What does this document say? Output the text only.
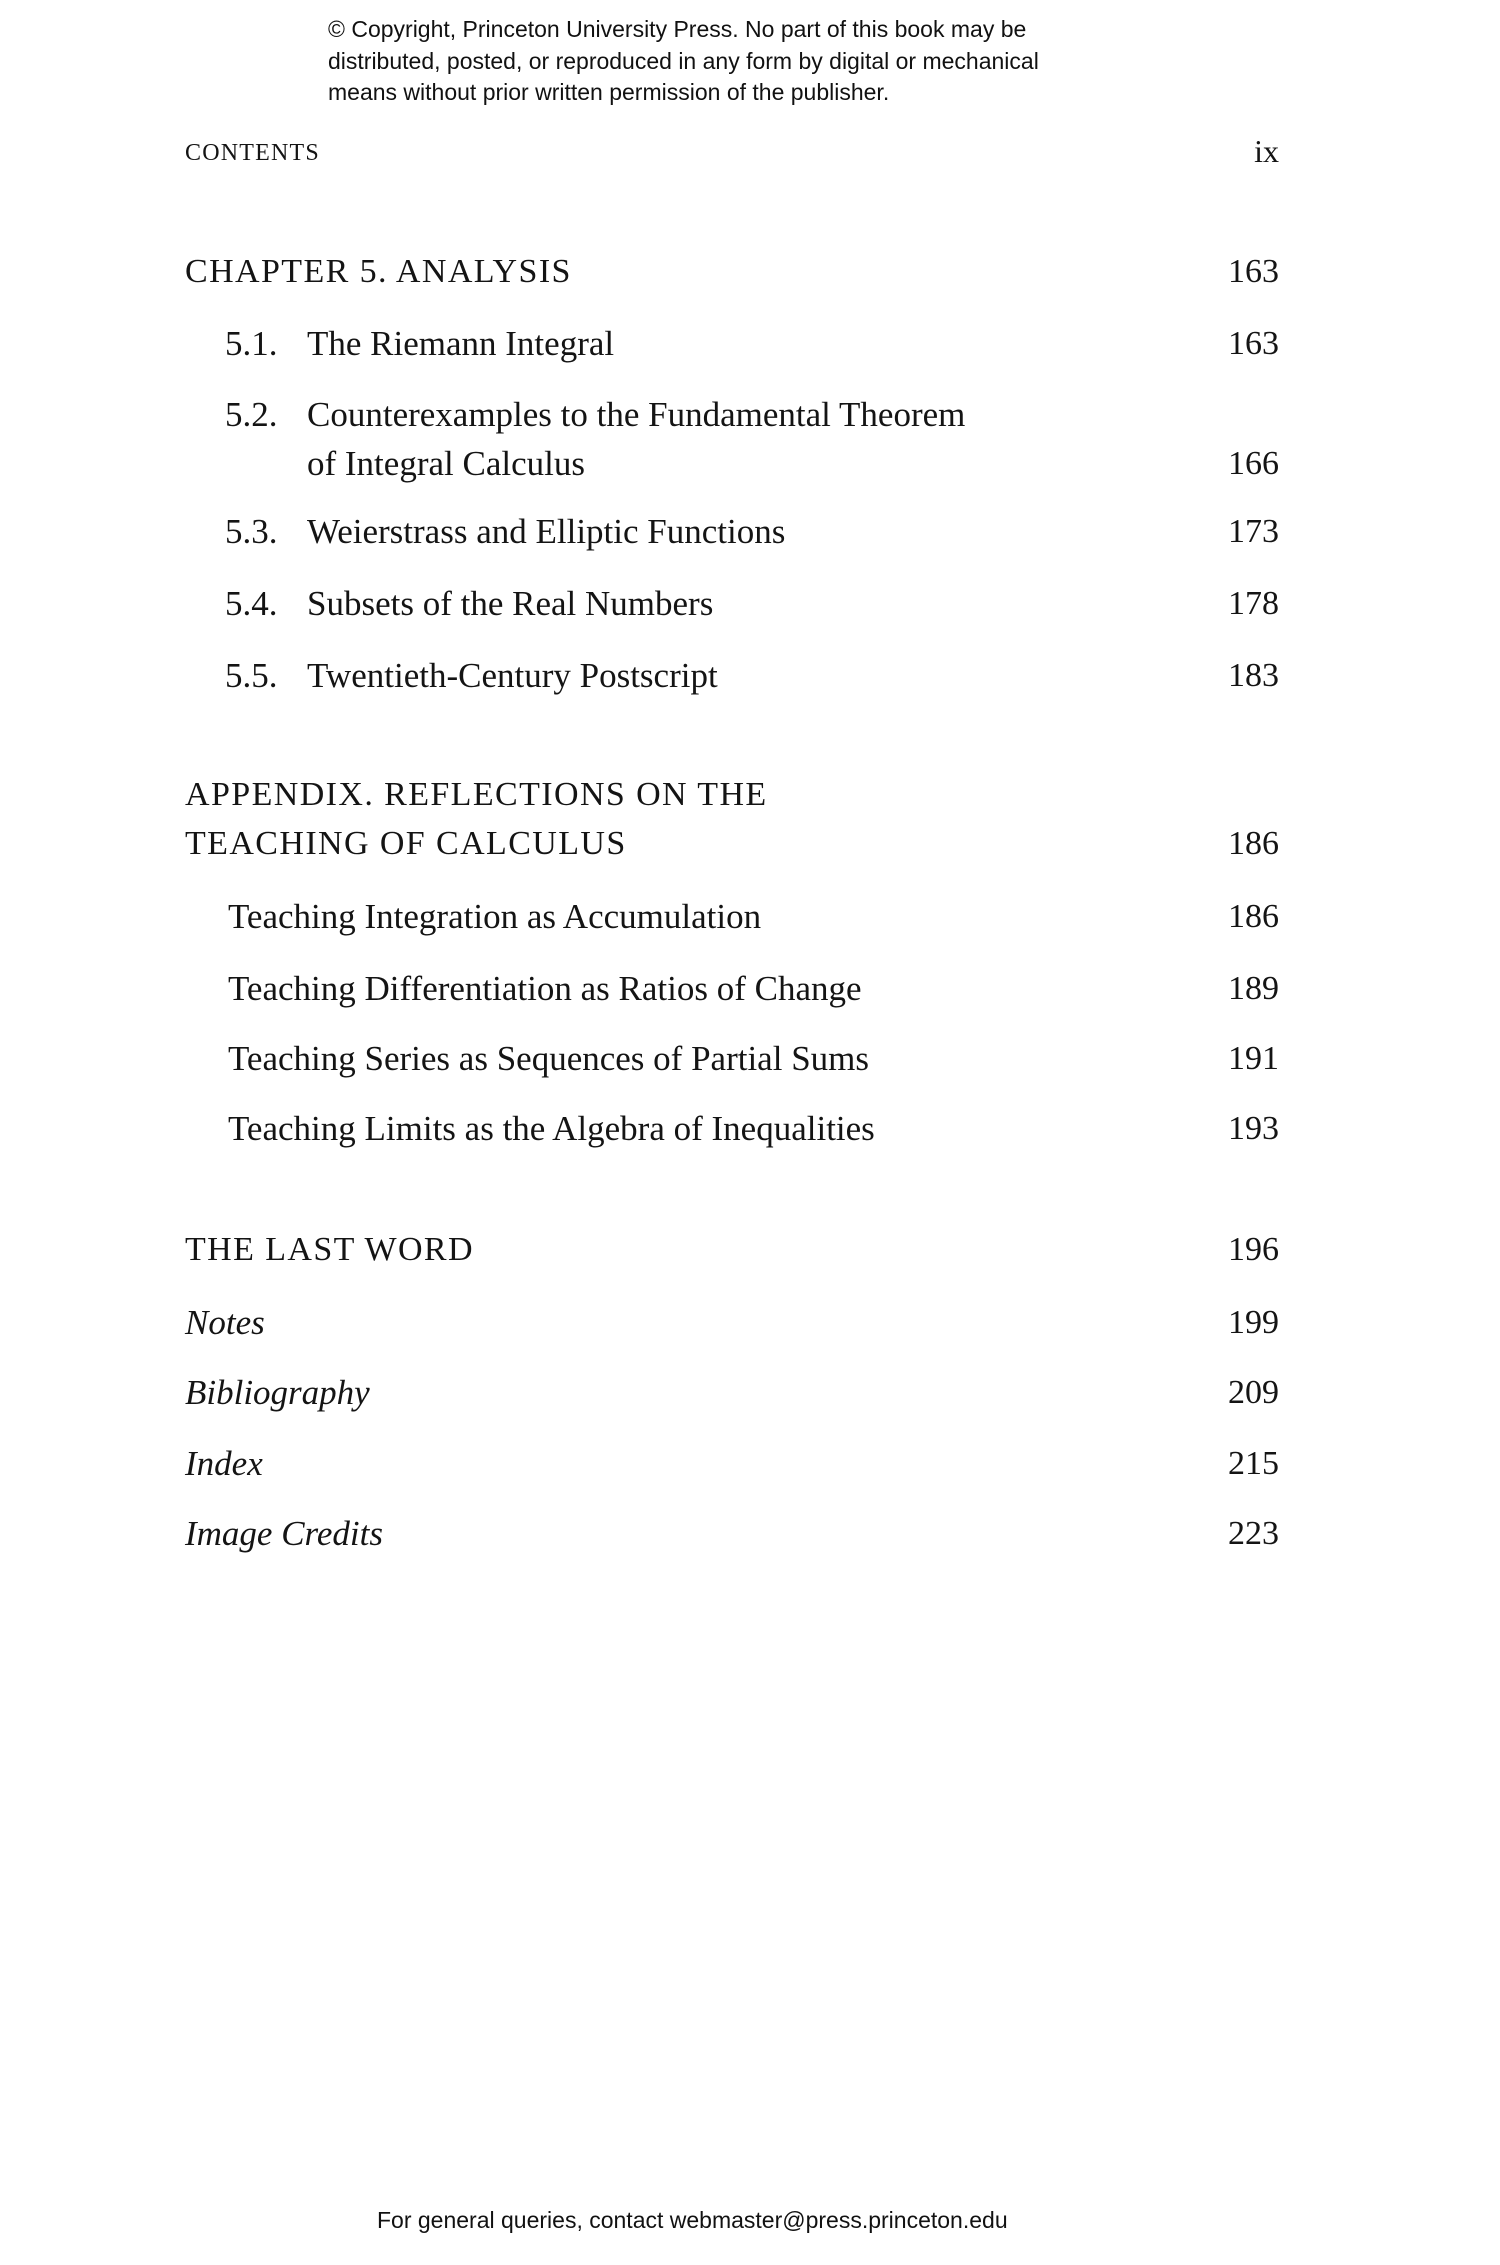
© Copyright, Princeton University Press. No part of this book may be
distributed, posted, or reproduced in any form by digital or mechanical
means without prior written permission of the publisher.
CONTENTS	ix
CHAPTER 5. ANALYSIS	163
5.1. The Riemann Integral	163
5.2. Counterexamples to the Fundamental Theorem
of Integral Calculus	166
5.3. Weierstrass and Elliptic Functions	173
5.4. Subsets of the Real Numbers	178
5.5. Twentieth-Century Postscript	183
APPENDIX. REFLECTIONS ON THE
TEACHING OF CALCULUS	186
Teaching Integration as Accumulation	186
Teaching Differentiation as Ratios of Change	189
Teaching Series as Sequences of Partial Sums	191
Teaching Limits as the Algebra of Inequalities	193
THE LAST WORD	196
Notes	199
Bibliography	209
Index	215
Image Credits	223
For general queries, contact webmaster@press.princeton.edu
